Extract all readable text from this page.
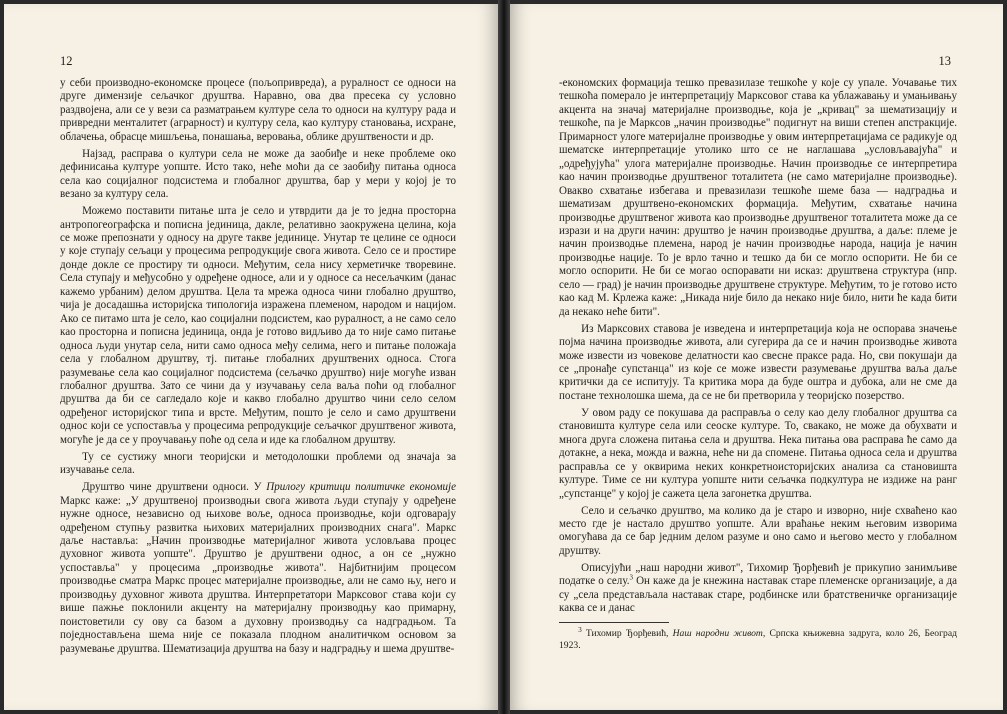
12

у себи производно-економске процесе (пољопривреда), а руралност се односи на друге димензије сељачког друштва. Наравно, ова два пресека су условно раздвојена, али се у вези са разматрањем културе села то односи на културу рада и привредни менталитет (аграрност) и културу села, као културу становања, исхране, облачења, обрасце мишљења, понашања, веровања, облике друштвености и др.

Најзад, расправа о култури села не може да заобиђе и неке проблеме око дефинисања културе уопште. Исто тако, неће моћи да се заобиђу питања односа села као социјалног подсистема и глобалног друштва, бар у мери у којој је то везано за културу села.

Можемо поставити питање шта је село и утврдити да је то једна просторна антропогеографска и пописна јединица, дакле, релативно заокружена целина, која се може препознати у односу на друге такве јединице. Унутар те целине се односи у које ступају сељаци у процесима репродукције свога живота. Село се и простире донде докле се простиру ти односи. Међутим, села нису херметичке творевине. Села ступају и међусобно у одређене односе, али и у односе са несељачким (данас кажемо урбаним) делом друштва. Цела та мрежа односа чини глобално друштво, чија је досадашња историјска типологија изражена племеном, народом и нацијом. Ако се питамо шта је село, као социјални подсистем, као руралност, а не само село као просторна и пописна јединица, онда је готово видљиво да то није само питање односа људи унутар села, нити само односа међу селима, него и питање положаја села у глобалном друштву, тј. питање глобалних друштвених односа. Стога разумевање села као социјалног подсистема (сељачко друштво) није могуће изван глобалног друштва. Зато се чини да у изучавању села ваља поћи од глобалног друштва да би се сагледало које и какво глобално друштво чини село селом одређеног историјског типа и врсте. Међутим, пошто је село и само друштвени однос који се успоставља у процесима репродукције сељачког друштвеног живота, могуће је да се у проучавању поће од села и иде ка глобалном друштву.

Ту се сустижу многи теоријски и методолошки проблеми од значаја за изучавање села.

Друштво чине друштвени односи. У Прилогу критици политичке економије Маркс каже: „У друштвеној производњи свога живота људи ступају у одређене нужне односе, независно од њихове воље, односа производње, који одговарају одређеном ступњу развитка њихових материјалних производних снага". Маркс даље наставља: „Начин производње материјалног живота условљава процес духовног живота уопште". Друштво је друштвени однос, а он се „нужно успоставља" у процесима „производње живота". Најбитнијим процесом производње сматра Маркс процес материјалне производње, али не само њу, него и производњу духовног живота друштва. Интерпретатори Марксовог става који су више пажње поклонили акценту на материјалну производњу као примарну, поистоветили су ову са базом а духовну производњу са надградњом. Та поједностављена шема није се показала плодном аналитичком основом за разумевање друштва. Шематизација друштва на базу и надградњу и шема друштве-

13

-економских формација тешко превазилазе тешкоће у које су упале. Уочавање тих тешкоћа померало је интерпретацију Марксовог става ка ублажавању и умањивању акцента на значај материјалне производње, која је „кривац" за шематизацију и тешкоће, па је Марксов „начин производње" подигнут на виши степен апстракције. Примарност улоге материјалне производње у овим интерпретацијама се радикује од шематске интерпретације утолико што се не наглашава „условљавајућа" и „одређујућа" улога материјалне производње. Начин производње се интерпретира као начин производње друштвеног тоталитета (не само материјалне производње). Овакво схватање избегава и превазилази тешкоће шеме база — надградња и шематизам друштвено-економских формација. Међутим, схватање начина производње друштвеног живота као производње друштвеног тоталитета може да се изрази и на други начин: друштво је начин производње друштва, а даље: племе је начин производње племена, народ је начин производње народа, нација је начин производње нације. То је врло тачно и тешко да би се могло оспорити. Не би се могло оспорити. Не би се могао оспоравати ни исказ: друштвена структура (нпр. село — град) је начин производње друштвене структуре. Међутим, то је готово исто као кад М. Крлежа каже: „Никада није било да некако није било, нити ће када бити да некако неће бити".

Из Марксових ставова је изведена и интерпретација која не оспорава значење појма начина производње живота, али сугерира да се и начин производње живота може извести из човекове делатности као свесне праксе рада. Но, сви покушаји да се „пронађе супстанца" из које се може извести разумевање друштва ваља даље критички да се испитују. Та критика мора да буде оштра и дубока, али не сме да постане технолошка шема, да се не би претворила у теоријско позерство.

У овом раду се покушава да расправља о селу као делу глобалног друштва са становишта културе села или сеоске културе. То, свакако, не може да обухвати и многа друга сложена питања села и друштва. Нека питања ова расправа ће само да дотакне, а нека, можда и важна, неће ни да спомене. Питања односа села и друштва расправља се у оквирима неких конкретноисторијских анализа са становишта културе. Тиме се ни култура уопште нити сељачка подкултура не издиже на ранг „супстанце" у којој је сажета цела загонетка друштва.

Село и сељачко друштво, ма колико да је старо и изворно, није схваћено као место где је настало друштво уопште. Али враћање неким његовим изворима омогућава да се бар једним делом разуме и оно само и његово место у глобалном друштву.

Описујући „наш народни живот", Тихомир Ђорђевић је прикупио занимљиве податке о селу.$^3$ Он каже да је кнежина наставак старе племенске организације, а да су „села представљала наставак старе, родбинске или братственичке организације каква се и данас

$^3$ Тихомир Ђорђевић, Наш народни живот, Српска књижевна задруга, коло 26, Београд 1923.
